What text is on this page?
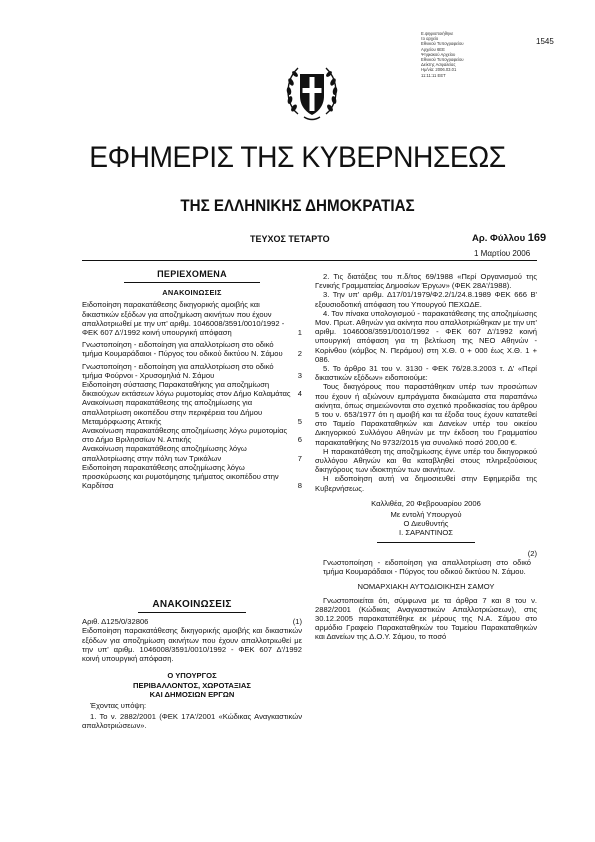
Ε.ψηφιοποιήθηκε
το αρχείο
Εθνικού Τυπογραφείου
Αρχείου 6ΕΕ
Ψηφιακού Αρχείου
Εθνικού Τυπογραφείου
Δείκτης Ασφαλείας
Ημ/νία: 2006.03.01
11:11:11 EET
1545
ΕΦΗΜΕΡΙΣ ΤΗΣ ΚΥΒΕΡΝΗΣΕΩΣ
ΤΗΣ ΕΛΛΗΝΙΚΗΣ ΔΗΜΟΚΡΑΤΙΑΣ
ΤΕΥΧΟΣ ΤΕΤΑΡΤΟ	Αρ. Φύλλου 169
1 Μαρτίου 2006
ΠΕΡΙΕΧΟΜΕΝΑ
ΑΝΑΚΟΙΝΩΣΕΙΣ
Ειδοποίηση παρακατάθεσης δικηγορικής αμοιβής και δικαστικών εξόδων για αποζημίωση ακινήτων που έχουν απαλλοτριωθεί με την υπ' αριθμ. 1046008/3591/0010/1992 - ΦΕΚ 607 Δ'/1992 κοινή υπουργική απόφαση	1
Γνωστοποίηση - ειδοποίηση για απαλλοτρίωση στο οδικό τμήμα Κουμαράδαιοι - Πύργος του οδικού δικτύου Ν. Σάμου 2
Γνωστοποίηση - ειδοποίηση για απαλλοτρίωση στο οδικό τμήμα Φούρνοι - Χρυσομηλιά Ν. Σάμου	3
Ειδοποίηση σύστασης Παρακαταθήκης για αποζημίωση δικαιούχων εκτάσεων λόγω ρυμοτομίας στον Δήμο Καλαμάτας 4
Ανακοίνωση παρακατάθεσης της αποζημίωσης για απαλλοτρίωση οικοπέδου στην περιφέρεια του Δήμου Μεταμόρφωσης Αττικής	5
Ανακοίνωση παρακατάθεσης αποζημίωσης λόγω ρυμοτομίας στο Δήμο Βριλησσίων Ν. Αττικής	6
Ανακοίνωση παρακατάθεσης αποζημίωσης λόγω απαλλοτρίωσης στην πόλη των Τρικάλων	7
Ειδοποίηση παρακατάθεσης αποζημίωσης λόγω προσκύρωσης και ρυμοτόμησης τμήματος οικοπέδου στην Καρδίτσα	8
ΑΝΑΚΟΙΝΩΣΕΙΣ
Αριθ. Δ125/0/32806	(1)

Ειδοποίηση παρακατάθεσης δικηγορικής αμοιβής και δικαστικών εξόδων για αποζημίωση ακινήτων που έχουν απαλλοτριωθεί με την υπ' αριθμ. 1046008/3591/0010/1992 - ΦΕΚ 607 Δ'/1992 κοινή υπουργική απόφαση.

Ο ΥΠΟΥΡΓΟΣ
ΠΕΡΙΒΑΛΛΟΝΤΟΣ, ΧΩΡΟΤΑΞΙΑΣ
ΚΑΙ ΔΗΜΟΣΙΩΝ ΕΡΓΩΝ

Έχοντας υπόψη:

1. Το ν. 2882/2001 (ΦΕΚ 17Α'/2001 «Κώδικας Αναγκαστικών απαλλοτριώσεων».

2. Τις διατάξεις του π.δ/τος 69/1988 «Περί Οργανισμού της Γενικής Γραμματείας Δημοσίων Έργων» (ΦΕΚ 28Α'/1988).

3. Την υπ' αριθμ. Δ17/01/1979/Φ2.2/1/24.8.1989 ΦΕΚ 666 Β' εξουσιοδοτική απόφαση του Υπουργού ΠΕΧΩΔΕ.

4. Τον πίνακα υπολογισμού - παρακατάθεσης της αποζημίωσης Μον. Πρωτ. Αθηνών για ακίνητα που απαλλοτριώθηκαν με την υπ' αριθμ. 1046008/3591/0010/1992 - ΦΕΚ 607 Δ'/1992 κοινή υπουργική απόφαση για τη βελτίωση της ΝΕΟ Αθηνών - Κορίνθου (κόμβος Ν. Περάμου) στη Χ.Θ. 0 + 000 έως Χ.Θ. 1 + 086.

5. Το άρθρο 31 του ν. 3130 - ΦΕΚ 76/28.3.2003 τ. Δ' «Περί δικαστικών εξόδων» ειδοποιούμε:

Τους δικηγόρους που παραστάθηκαν υπέρ των προσώπων που έχουν ή αξιώνουν εμπράγματα δικαιώματα στα παραπάνω ακίνητα, όπως σημειώνονται στο σχετικό προδικασίας του άρθρου 5 του ν. 653/1977 ότι η αμοιβή και τα έξοδα τους έχουν κατατεθεί στο Ταμείο Παρακαταθηκών και Δανείων υπέρ του οικείου Δικηγορικού Συλλόγου Αθηνών με την έκδοση του Γραμματίου παρακαταθήκης Νο 9732/2015 για συνολικό ποσό 200,00 €.

Η παρακατάθεση της αποζημίωσης έγινε υπέρ του δικηγορικού συλλόγου Αθηνών και θα καταβληθεί στους πληρεξούσιους δικηγόρους των ιδιοκτητών των ακινήτων.

Η ειδοποίηση αυτή να δημοσιευθεί στην Εφημερίδα της Κυβερνήσεως.

Καλλιθέα, 20 Φεβρουαρίου 2006
Με εντολή Υπουργού
Ο Διευθυντής
Ι. ΣΑΡΑΝΤΙΝΟΣ
(2)

Γνωστοποίηση - ειδοποίηση για απαλλοτρίωση στο οδικό τμήμα Κουμαράδαιοι - Πύργος του οδικού δικτύου Ν. Σάμου.

ΝΟΜΑΡΧΙΑΚΗ ΑΥΤΟΔΙΟΙΚΗΣΗ ΣΑΜΟΥ

Γνωστοποιείται ότι, σύμφωνα με τα άρθρα 7 και 8 του ν. 2882/2001 (Κώδικας Αναγκαστικών Απαλλοτριώσεων), στις 30.12.2005 παρακατατέθηκε εκ μέρους της Ν.Α. Σάμου στο αρμόδιο Γραφείο Παρακαταθηκών του Ταμείου Παρακαταθηκών και Δανείων της Δ.Ο.Υ. Σάμου, το ποσό
